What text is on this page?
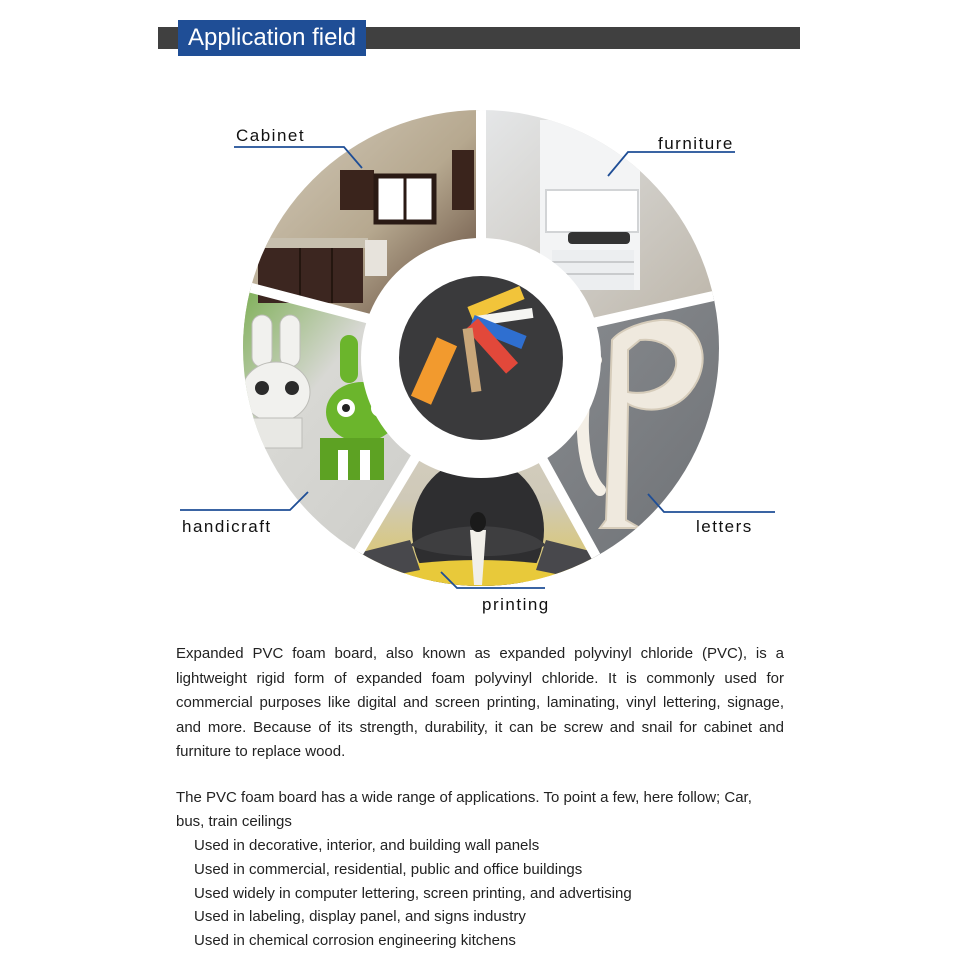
Application field
Cabinet	furniture
handicraft	letters
printing

Expanded PVC foam board, also known as expanded polyvinyl chloride (PVC), is a lightweight rigid form of expanded foam polyvinyl chloride. It is commonly used for commercial purposes like digital and screen printing, laminating, vinyl lettering, signage, and more. Because of its strength, durability, it can be screw and snail for cabinet and furniture to replace wood.

The PVC foam board has a wide range of applications. To point a few, here follow; Car, bus, train ceilings

Used in decorative, interior, and building wall panels
Used in commercial, residential, public and office buildings
Used widely in computer lettering, screen printing, and advertising
Used in labeling, display panel, and signs industry
Used in chemical corrosion engineering kitchens
